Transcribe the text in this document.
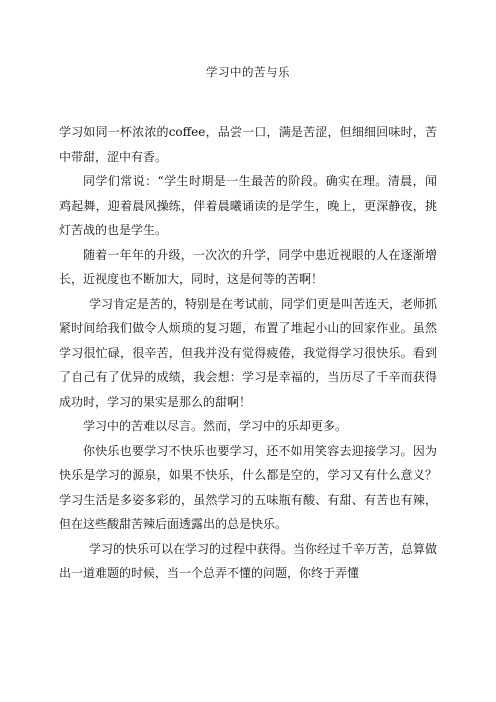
学习中的苦与乐

学习如同一杯浓浓的coffee，品尝一口，满是苦涩，但细细回味时，苦中带甜，涩中有香。

同学们常说：“学生时期是一生最苦的阶段。确实在理。清晨，闻鸡起舞，迎着晨风操练，伴着晨曦诵读的是学生，晚上，更深静夜，挑灯苦战的也是学生。

随着一年年的升级，一次次的升学，同学中患近视眼的人在逐渐增长，近视度也不断加大，同时，这是何等的苦啊！

学习肯定是苦的，特别是在考试前，同学们更是叫苦连天，老师抓紧时间给我们做令人烦琐的复习题，布置了堆起小山的回家作业。虽然学习很忙碌，很辛苦，但我并没有觉得疲倦，我觉得学习很快乐。看到了自己有了优异的成绩，我会想：学习是幸福的，当历尽了千辛而获得成功时，学习的果实是那么的甜啊！

学习中的苦难以尽言。然而，学习中的乐却更多。

你快乐也要学习不快乐也要学习，还不如用笑容去迎接学习。因为快乐是学习的源泉，如果不快乐，什么都是空的，学习又有什么意义？学习生活是多姿多彩的，虽然学习的五味瓶有酸、有甜、有苦也有辣，但在这些酸甜苦辣后面透露出的总是快乐。

学习的快乐可以在学习的过程中获得。当你经过千辛万苦，总算做出一道难题的时候，当一个总弄不懂的问题，你终于弄懂
